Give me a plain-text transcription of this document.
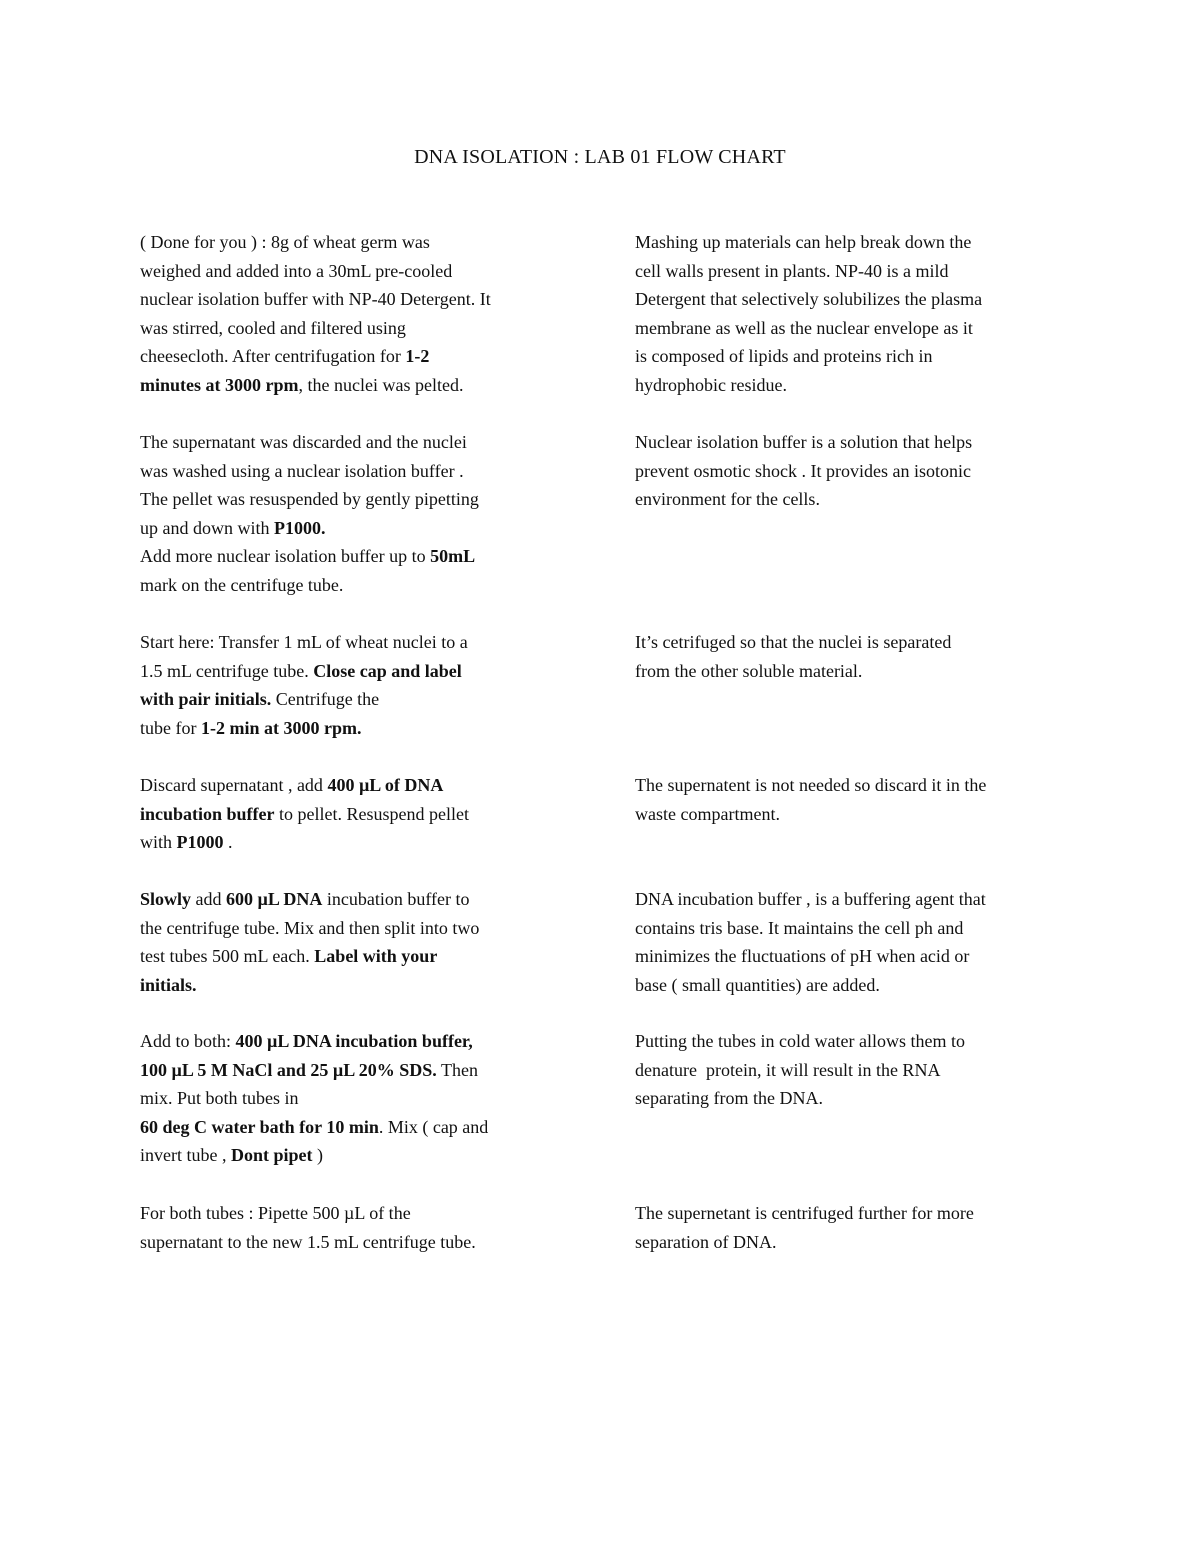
DNA ISOLATION : LAB 01 FLOW CHART

( Done for you ) : 8g of wheat germ was
weighed and added into a 30mL pre-cooled
nuclear isolation buffer with NP-40 Detergent. It
was stirred, cooled and filtered using
cheesecloth. After centrifugation for 1-2
minutes at 3000 rpm, the nuclei was pelted.

The supernatant was discarded and the nuclei
was washed using a nuclear isolation buffer .
The pellet was resuspended by gently pipetting
up and down with P1000.
Add more nuclear isolation buffer up to 50mL
mark on the centrifuge tube.

Start here: Transfer 1 mL of wheat nuclei to a
1.5 mL centrifuge tube. Close cap and label
with pair initials. Centrifuge the
tube for 1-2 min at 3000 rpm.

Discard supernatant , add 400 µL of DNA
incubation buffer to pellet. Resuspend pellet
with P1000 .

Slowly add 600 µL DNA incubation buffer to
the centrifuge tube. Mix and then split into two
test tubes 500 mL each. Label with your
initials.

Add to both: 400 µL DNA incubation buffer,
100 µL 5 M NaCl and 25 µL 20% SDS. Then
mix. Put both tubes in
60 deg C water bath for 10 min. Mix ( cap and
invert tube , Dont pipet )

For both tubes : Pipette 500 µL of the
supernatant to the new 1.5 mL centrifuge tube.

Mashing up materials can help break down the
cell walls present in plants. NP-40 is a mild
Detergent that selectively solubilizes the plasma
membrane as well as the nuclear envelope as it
is composed of lipids and proteins rich in
hydrophobic residue.

Nuclear isolation buffer is a solution that helps
prevent osmotic shock . It provides an isotonic
environment for the cells.

It’s cetrifuged so that the nuclei is separated
from the other soluble material.

The supernatent is not needed so discard it in the
waste compartment.

DNA incubation buffer , is a buffering agent that
contains tris base. It maintains the cell ph and
minimizes the fluctuations of pH when acid or
base ( small quantities) are added.

Putting the tubes in cold water allows them to
denature  protein, it will result in the RNA
separating from the DNA.

The supernetant is centrifuged further for more
separation of DNA.
